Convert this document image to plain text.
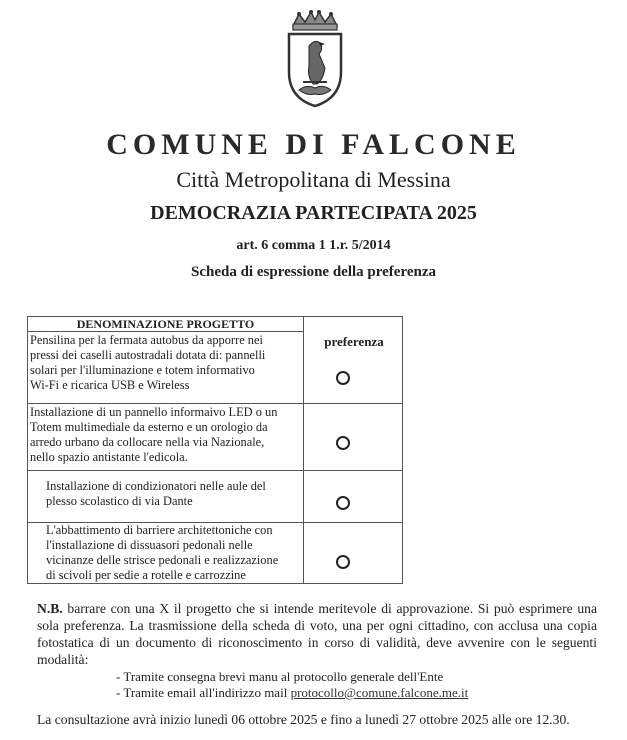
COMUNE DI FALCONE
Città Metropolitana di Messina
DEMOCRAZIA PARTECIPATA 2025
art. 6 comma 1 1.r. 5/2014
Scheda di espressione della preferenza
DENOMINAZIONE PROGETTO
preferenza
Pensilina per la fermata autobus da apporre nei
pressi dei caselli autostradali dotata di: pannelli
solari per l'illuminazione e totem informativo
Wi-Fi e ricarica USB e Wireless
Installazione di un pannello informaivo LED o un
Totem multimediale da esterno e un orologio da
arredo urbano da collocare nella via Nazionale,
nello spazio antistante l'edicola.
Installazione di condizionatori nelle aule del
plesso scolastico di via Dante
L'abbattimento di barriere architettoniche con
l'installazione di dissuasori pedonali nelle
vicinanze delle strisce pedonali e realizzazione
di scivoli per sedie a rotelle e carrozzine
N.B. barrare con una X il progetto che si intende meritevole di approvazione. Si può esprimere una sola preferenza. La trasmissione della scheda di voto, una per ogni cittadino, con acclusa una copia fotostatica di un documento di riconoscimento in corso di validità, deve avvenire con le seguenti modalità:
- Tramite consegna brevi manu al protocollo generale dell'Ente
- Tramite email all'indirizzo mail protocollo@comune.falcone.me.it
La consultazione avrà inizio lunedì 06 ottobre 2025 e fino a lunedì 27 ottobre 2025 alle ore 12.30.
